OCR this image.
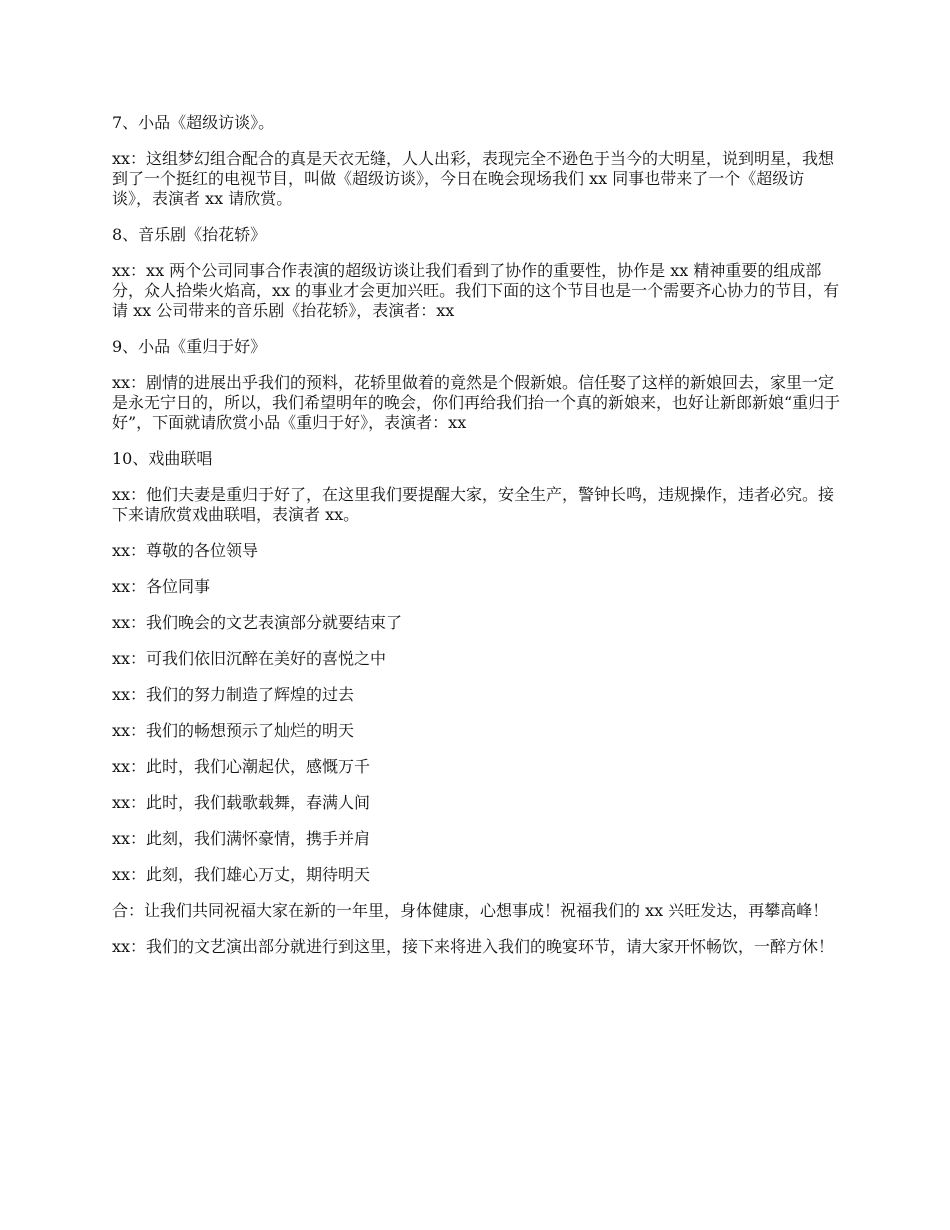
7、小品《超级访谈》。

xx：这组梦幻组合配合的真是天衣无缝，人人出彩，表现完全不逊色于当今的大明星，说到明星，我想到了一个挺红的电视节目，叫做《超级访谈》，今日在晚会现场我们 xx 同事也带来了一个《超级访谈》，表演者 xx 请欣赏。

8、音乐剧《抬花轿》

xx：xx 两个公司同事合作表演的超级访谈让我们看到了协作的重要性，协作是 xx 精神重要的组成部分，众人拾柴火焰高，xx 的事业才会更加兴旺。我们下面的这个节目也是一个需要齐心协力的节目，有请 xx 公司带来的音乐剧《抬花轿》，表演者：xx

9、小品《重归于好》

xx：剧情的进展出乎我们的预料，花轿里做着的竟然是个假新娘。信任娶了这样的新娘回去，家里一定是永无宁日的，所以，我们希望明年的晚会，你们再给我们抬一个真的新娘来，也好让新郎新娘“重归于好”，下面就请欣赏小品《重归于好》，表演者：xx

10、戏曲联唱

xx：他们夫妻是重归于好了，在这里我们要提醒大家，安全生产，警钟长鸣，违规操作，违者必究。接下来请欣赏戏曲联唱，表演者 xx。

xx：尊敬的各位领导

xx：各位同事

xx：我们晚会的文艺表演部分就要结束了

xx：可我们依旧沉醉在美好的喜悦之中

xx：我们的努力制造了辉煌的过去

xx：我们的畅想预示了灿烂的明天

xx：此时，我们心潮起伏，感慨万千

xx：此时，我们载歌载舞，春满人间

xx：此刻，我们满怀豪情，携手并肩

xx：此刻，我们雄心万丈，期待明天

合：让我们共同祝福大家在新的一年里，身体健康，心想事成！祝福我们的 xx 兴旺发达，再攀高峰！

xx：我们的文艺演出部分就进行到这里，接下来将进入我们的晚宴环节，请大家开怀畅饮，一醉方休！
